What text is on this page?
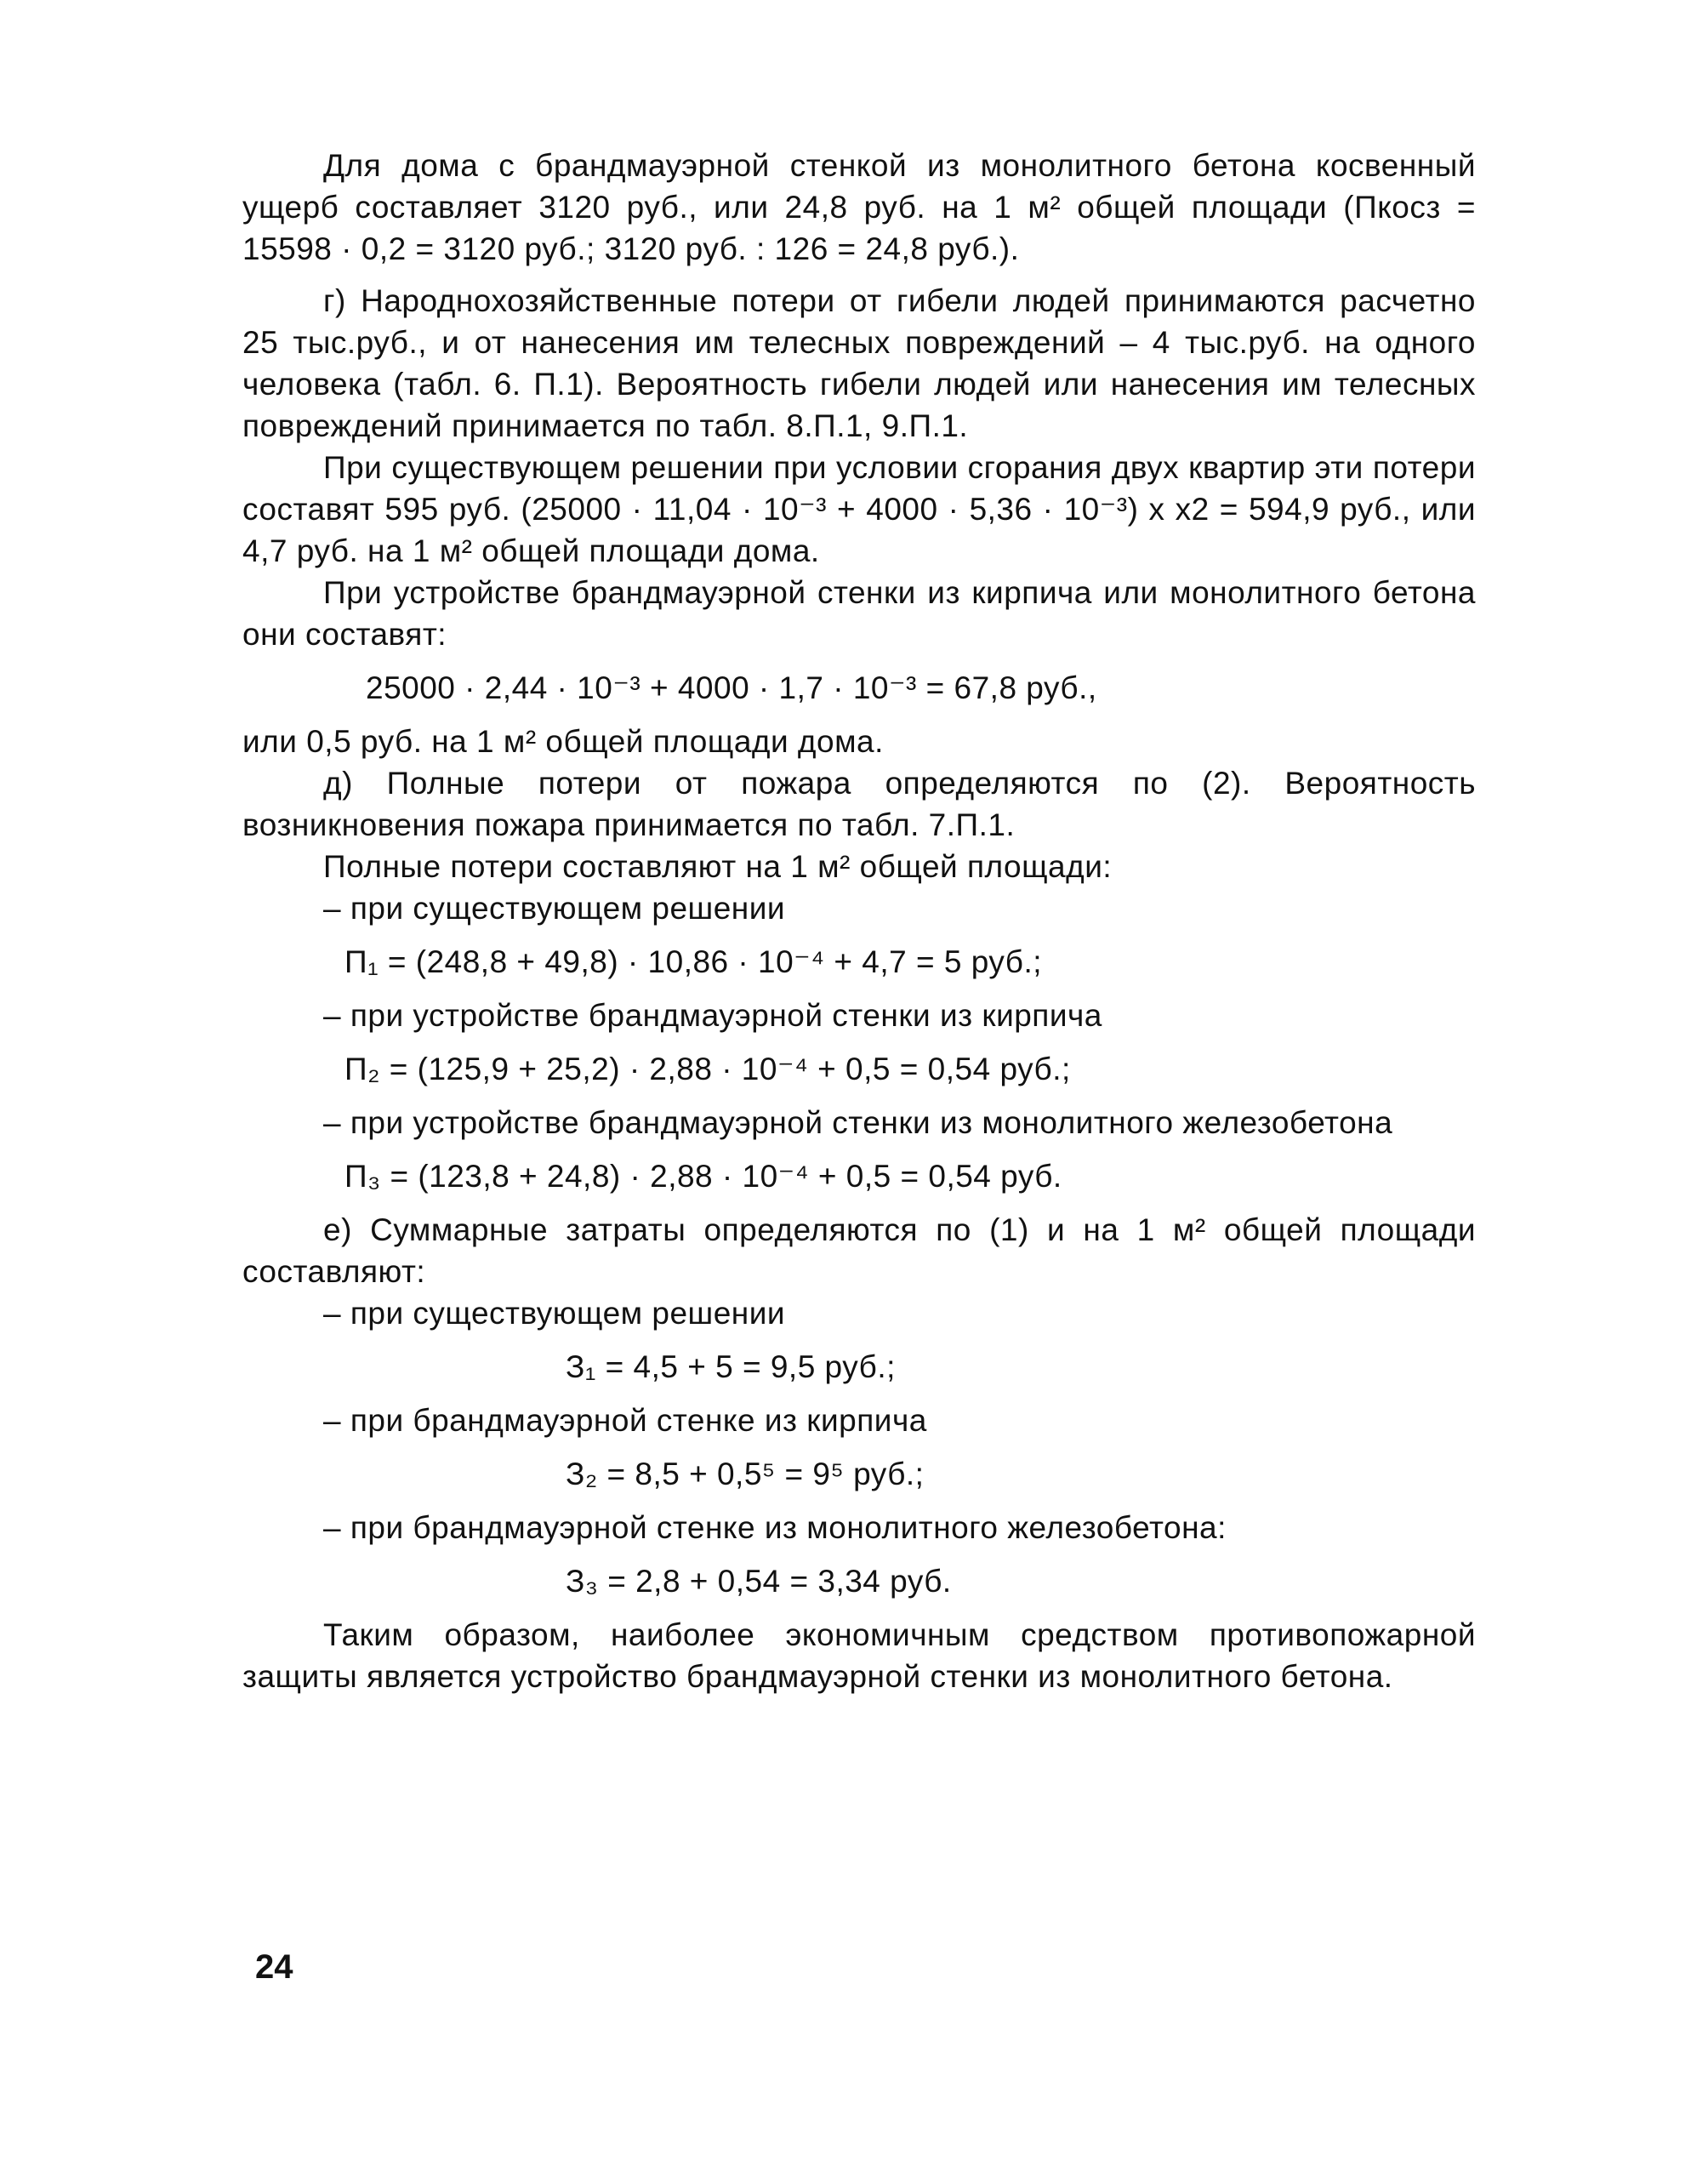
Для дома с брандмауэрной стенкой из монолитного бетона косвенный ущерб составляет 3120 руб., или 24,8 руб. на 1 м² общей площади (Пкосз = 15598 · 0,2 = 3120 руб.; 3120 руб. : 126 = 24,8 руб.).

г) Народнохозяйственные потери от гибели людей принимаются расчетно 25 тыс.руб., и от нанесения им телесных повреждений – 4 тыс.руб. на одного человека (табл. 6. П.1). Вероятность гибели людей или нанесения им телесных повреждений принимается по табл. 8.П.1, 9.П.1.

При существующем решении при условии сгорания двух квартир эти потери составят 595 руб. (25000 · 11,04 · 10⁻³ + 4000 · 5,36 · 10⁻³) x x2 = 594,9 руб., или 4,7 руб. на 1 м² общей площади дома.

При устройстве брандмауэрной стенки из кирпича или монолитного бетона они составят:

25000 · 2,44 · 10⁻³ + 4000 · 1,7 · 10⁻³ = 67,8 руб.,

или 0,5 руб. на 1 м² общей площади дома.

д) Полные потери от пожара определяются по (2). Вероятность возникновения пожара принимается по табл. 7.П.1.

Полные потери составляют на 1 м² общей площади:

– при существующем решении

П₁ = (248,8 + 49,8) · 10,86 · 10⁻⁴ + 4,7 = 5 руб.;

– при устройстве брандмауэрной стенки из кирпича

П₂ = (125,9 + 25,2) · 2,88 · 10⁻⁴ + 0,5 = 0,54 руб.;

– при устройстве брандмауэрной стенки из монолитного железобетона

П₃ = (123,8 + 24,8) · 2,88 · 10⁻⁴ + 0,5 = 0,54 руб.

е) Суммарные затраты определяются по (1) и на 1 м² общей площади составляют:

– при существующем решении

З₁ = 4,5 + 5 = 9,5 руб.;

– при брандмауэрной стенке из кирпича

З₂ = 8,5 + 0,5⁵ = 9⁵ руб.;

– при брандмауэрной стенке из монолитного железобетона:

З₃ = 2,8 + 0,54 = 3,34 руб.

Таким образом, наиболее экономичным средством противопожарной защиты является устройство брандмауэрной стенки из монолитного бетона.

24
